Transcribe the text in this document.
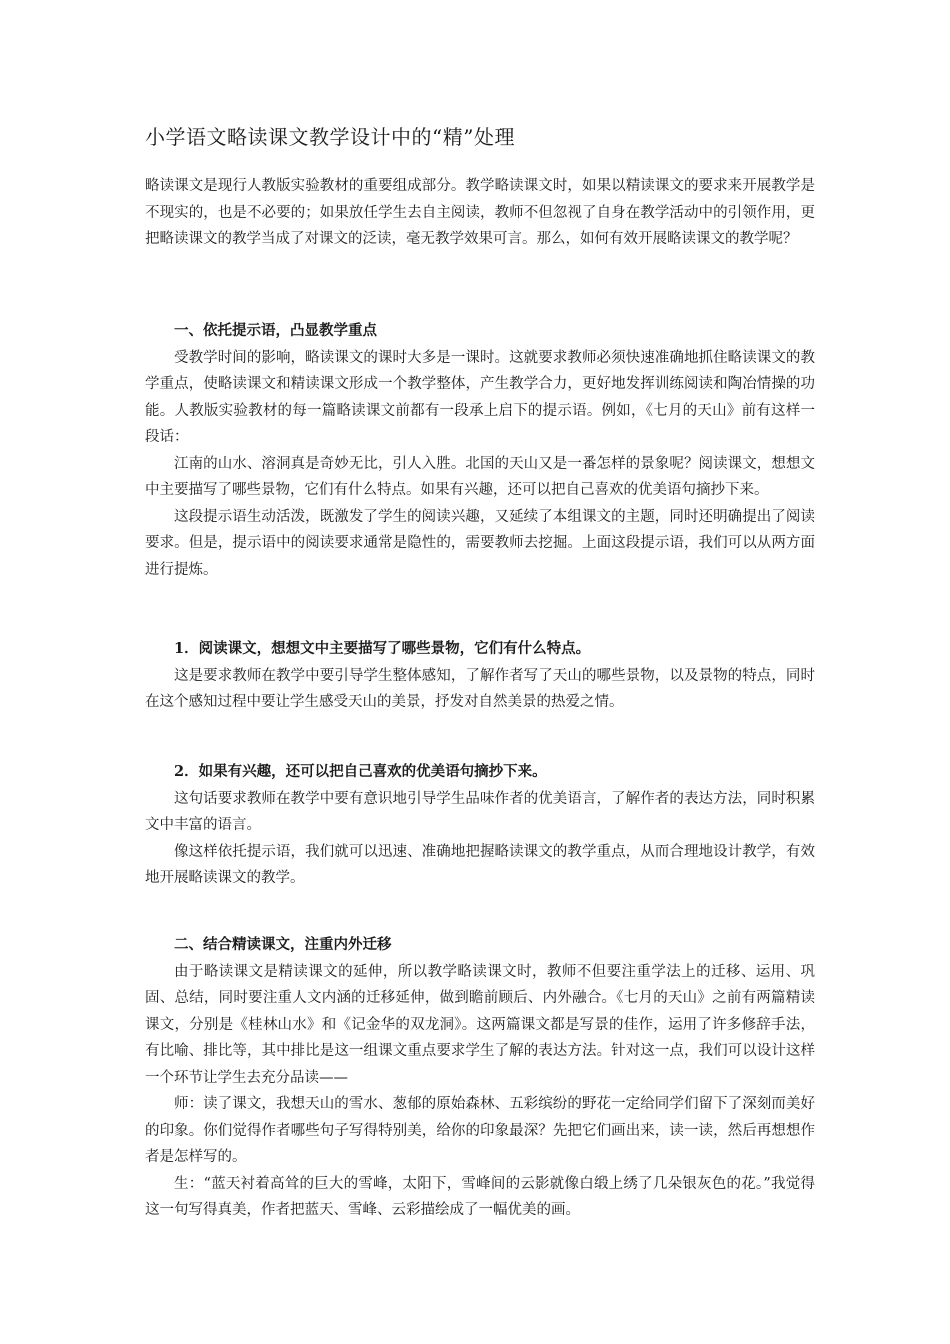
小学语文略读课文教学设计中的“精”处理

略读课文是现行人教版实验教材的重要组成部分。教学略读课文时，如果以精读课文的要求来开展教学是不现实的，也是不必要的；如果放任学生去自主阅读，教师不但忽视了自身在教学活动中的引领作用，更把略读课文的教学当成了对课文的泛读，毫无教学效果可言。那么，如何有效开展略读课文的教学呢？

一、依托提示语，凸显教学重点

受教学时间的影响，略读课文的课时大多是一课时。这就要求教师必须快速准确地抓住略读课文的教学重点，使略读课文和精读课文形成一个教学整体，产生教学合力，更好地发挥训练阅读和陶冶情操的功能。人教版实验教材的每一篇略读课文前都有一段承上启下的提示语。例如，《七月的天山》前有这样一段话：

江南的山水、溶洞真是奇妙无比，引人入胜。北国的天山又是一番怎样的景象呢？阅读课文，想想文中主要描写了哪些景物，它们有什么特点。如果有兴趣，还可以把自己喜欢的优美语句摘抄下来。

这段提示语生动活泼，既激发了学生的阅读兴趣，又延续了本组课文的主题，同时还明确提出了阅读要求。但是，提示语中的阅读要求通常是隐性的，需要教师去挖掘。上面这段提示语，我们可以从两方面进行提炼。

1．阅读课文，想想文中主要描写了哪些景物，它们有什么特点。

这是要求教师在教学中要引导学生整体感知，了解作者写了天山的哪些景物，以及景物的特点，同时在这个感知过程中要让学生感受天山的美景，抒发对自然美景的热爱之情。

2．如果有兴趣，还可以把自己喜欢的优美语句摘抄下来。

这句话要求教师在教学中要有意识地引导学生品味作者的优美语言，了解作者的表达方法，同时积累文中丰富的语言。

像这样依托提示语，我们就可以迅速、准确地把握略读课文的教学重点，从而合理地设计教学，有效地开展略读课文的教学。

二、结合精读课文，注重内外迁移

由于略读课文是精读课文的延伸，所以教学略读课文时，教师不但要注重学法上的迁移、运用、巩固、总结，同时要注重人文内涵的迁移延伸，做到瞻前顾后、内外融合。《七月的天山》之前有两篇精读课文，分别是《桂林山水》和《记金华的双龙洞》。这两篇课文都是写景的佳作，运用了许多修辞手法，有比喻、排比等，其中排比是这一组课文重点要求学生了解的表达方法。针对这一点，我们可以设计这样一个环节让学生去充分品读——

师：读了课文，我想天山的雪水、葱郁的原始森林、五彩缤纷的野花一定给同学们留下了深刻而美好的印象。你们觉得作者哪些句子写得特别美，给你的印象最深？先把它们画出来，读一读，然后再想想作者是怎样写的。

生：“蓝天衬着高耸的巨大的雪峰，太阳下，雪峰间的云影就像白缎上绣了几朵银灰色的花。”我觉得这一句写得真美，作者把蓝天、雪峰、云彩描绘成了一幅优美的画。
